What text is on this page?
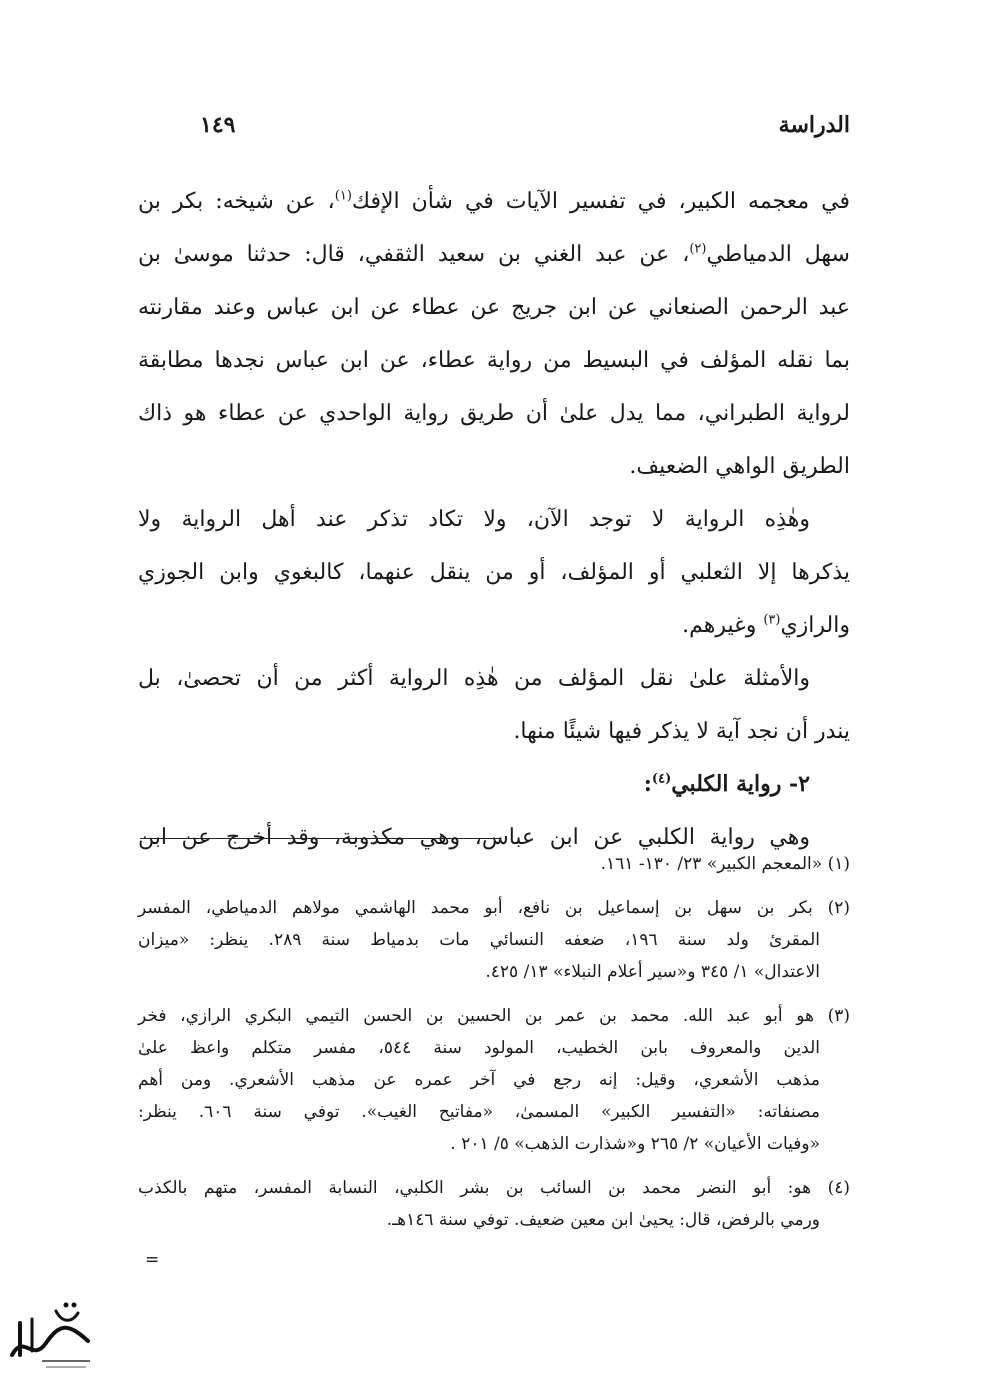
الدراسة
١٤٩
في معجمه الكبير، في تفسير الآيات في شأن الإفك$^{(١)}$، عن شيخه: بكر بن
سهل الدمياطي$^{(٢)}$، عن عبد الغني بن سعيد الثقفي، قال: حدثنا موسىٰ بن
عبد الرحمن الصنعاني عن ابن جريج عن عطاء عن ابن عباس وعند مقارنته
بما نقله المؤلف في البسيط من رواية عطاء، عن ابن عباس نجدها مطابقة
لرواية الطبراني، مما يدل علىٰ أن طريق رواية الواحدي عن عطاء هو ذاك
الطريق الواهي الضعيف.
وهٰذِه الرواية لا توجد الآن، ولا تكاد تذكر عند أهل الرواية ولا
يذكرها إلا الثعلبي أو المؤلف، أو من ينقل عنهما، كالبغوي وابن الجوزي
والرازي$^{(٣)}$ وغيرهم.
والأمثلة علىٰ نقل المؤلف من هٰذِه الرواية أكثر من أن تحصىٰ، بل
يندر أن نجد آية لا يذكر فيها شيئًا منها.
٢- رواية الكلبي$^{(٤)}$:
وهي رواية الكلبي عن ابن عباس، وهي مكذوبة، وقد أخرج عن ابن
(١) «المعجم الكبير» ٢٣/ ١٣٠- ١٦١.
(٢) بكر بن سهل بن إسماعيل بن نافع، أبو محمد الهاشمي مولاهم الدمياطي، المفسر
المقرئ ولد سنة ١٩٦، ضعفه النسائي مات بدمياط سنة ٢٨٩. ينظر: «ميزان
الاعتدال» ١/ ٣٤٥ و«سير أعلام النبلاء» ١٣/ ٤٢٥.
(٣) هو أبو عبد الله. محمد بن عمر بن الحسين بن الحسن التيمي البكري الرازي، فخر
الدين والمعروف بابن الخطيب، المولود سنة ٥٤٤، مفسر متكلم واعظ علىٰ
مذهب الأشعري، وقيل: إنه رجع في آخر عمره عن مذهب الأشعري. ومن أهم
مصنفاته: «التفسير الكبير» المسمىٰ، «مفاتيح الغيب». توفي سنة ٦٠٦. ينظر:
«وفيات الأعيان» ٢/ ٢٦٥ و«شذارت الذهب» ٥/ ٢٠١ .
(٤) هو: أبو النضر محمد بن السائب بن بشر الكلبي، النسابة المفسر، متهم بالكذب
ورمي بالرفض، قال: يحيىٰ ابن معين ضعيف. توفي سنة ١٤٦هـ.
=
